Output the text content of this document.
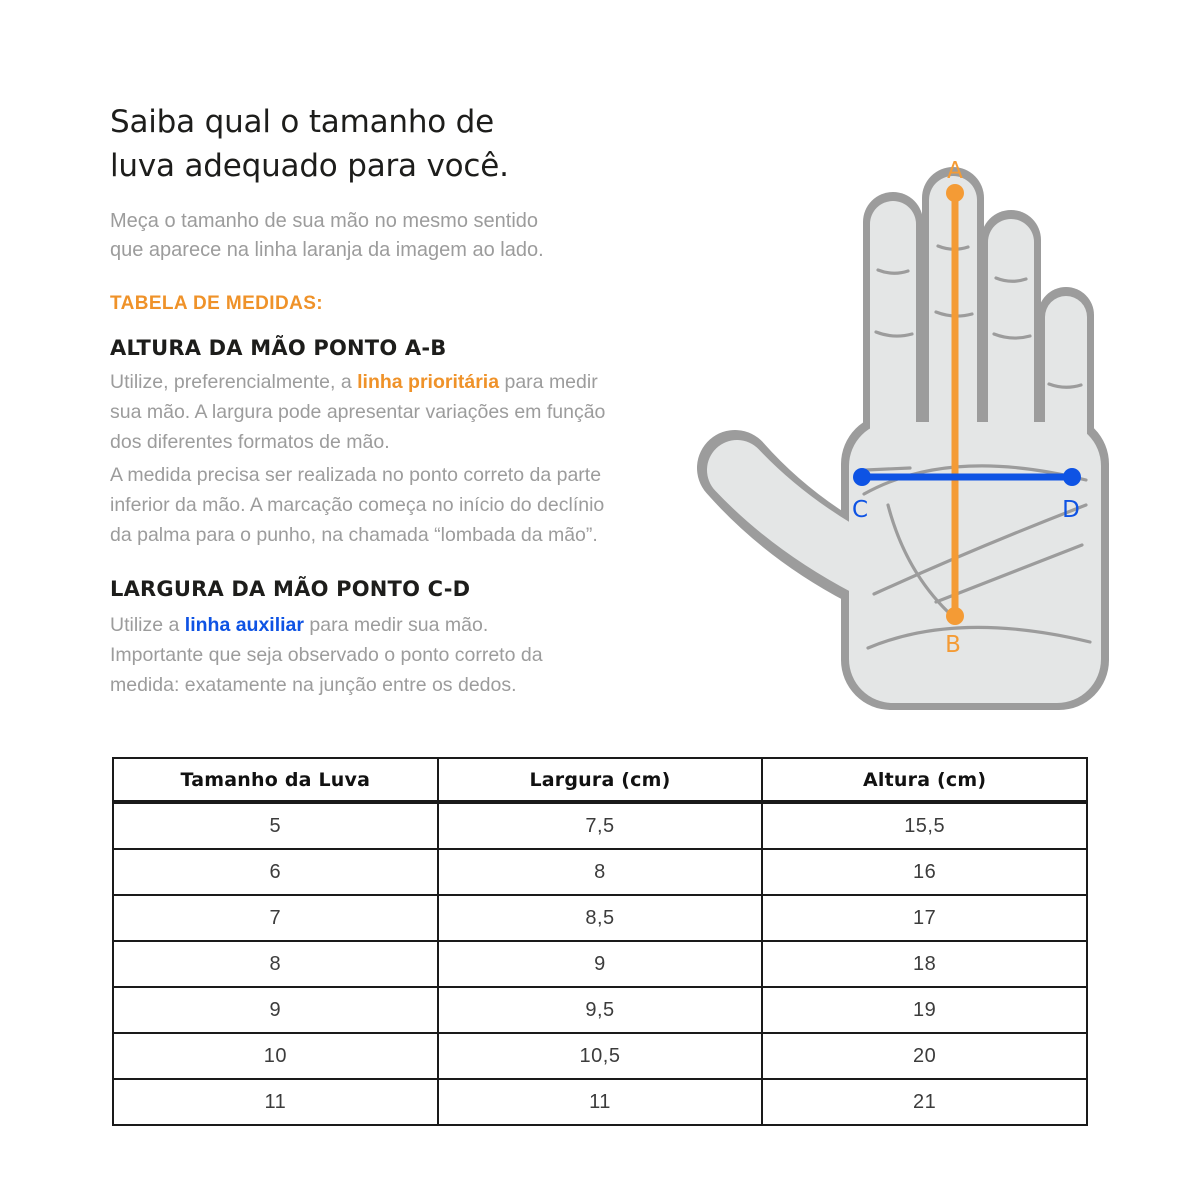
Saiba qual o tamanho de
luva adequado para você.

Meça o tamanho de sua mão no mesmo sentido
que aparece na linha laranja da imagem ao lado.

TABELA DE MEDIDAS:

ALTURA DA MÃO PONTO A-B

Utilize, preferencialmente, a linha prioritária para medir
sua mão. A largura pode apresentar variações em função
dos diferentes formatos de mão.

A medida precisa ser realizada no ponto correto da parte
inferior da mão. A marcação começa no início do declínio
da palma para o punho, na chamada “lombada da mão”.

LARGURA DA MÃO PONTO C-D

Utilize a linha auxiliar para medir sua mão.
Importante que seja observado o ponto correto da
medida: exatamente na junção entre os dedos.

A
B
C	D
Tamanho da Luva	Largura (cm)	Altura (cm)
5	7,5	15,5
6	8	16
7	8,5	17
8	9	18
9	9,5	19
10	10,5	20
11	11	21
